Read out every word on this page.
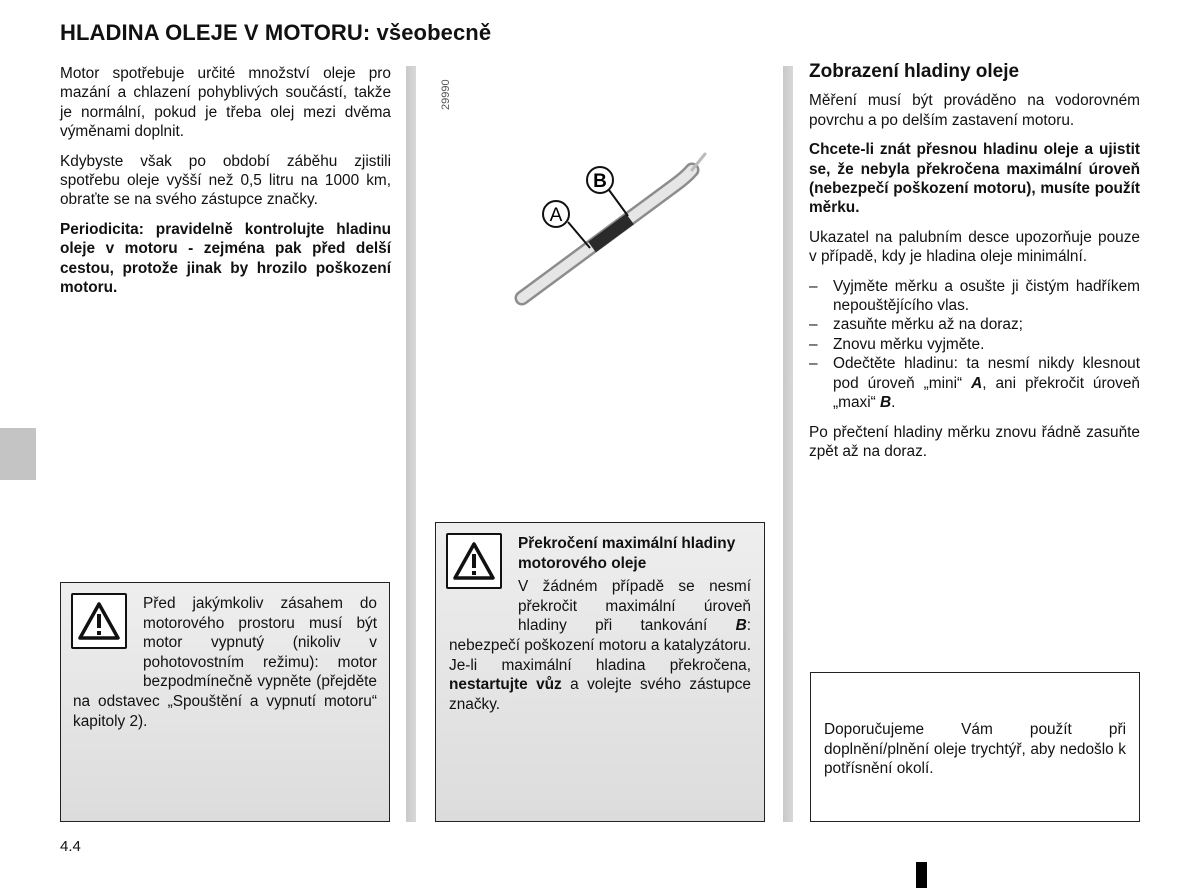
HLADINA OLEJE V MOTORU: všeobecně

Motor spotřebuje určité množství oleje pro mazání a chlazení pohyblivých součástí, takže je normální, pokud je třeba olej mezi dvěma výměnami doplnit.

Kdybyste však po období záběhu zjistili spotřebu oleje vyšší než 0,5 litru na 1000 km, obraťte se na svého zástupce značky.

Periodicita: pravidelně kontrolujte hladinu oleje v motoru - zejména pak před delší cestou, protože jinak by hrozilo poškození motoru.

Před jakýmkoliv zásahem do motorového prostoru musí být motor vypnutý (nikoliv v pohotovostním režimu): motor bezpodmínečně vypněte (přejděte na odstavec „Spouštění a vypnutí motoru“ kapitoly 2).
29990
A
B
Překročení maximální hladiny motorového oleje
V žádném případě se nesmí překročit maximální úroveň hladiny při tankování B: nebezpečí poškození motoru a katalyzátoru.
Je-li maximální hladina překročena, nestartujte vůz a volejte svého zástupce značky.
Zobrazení hladiny oleje

Měření musí být prováděno na vodorovném povrchu a po delším zastavení motoru.

Chcete-li znát přesnou hladinu oleje a ujistit se, že nebyla překročena maximální úroveň (nebezpečí poškození motoru), musíte použít měrku.

Ukazatel na palubním desce upozorňuje pouze v případě, kdy je hladina oleje minimální.

– Vyjměte měrku a osušte ji čistým hadříkem nepouštějícího vlas.
– zasuňte měrku až na doraz;
– Znovu měrku vyjměte.
– Odečtěte hladinu: ta nesmí nikdy klesnout pod úroveň „mini“ A, ani překročit úroveň „maxi“ B.

Po přečtení hladiny měrku znovu řádně zasuňte zpět až na doraz.

Doporučujeme Vám použít při doplnění/plnění oleje trychtýř, aby nedošlo k potřísnění okolí.
4.4
